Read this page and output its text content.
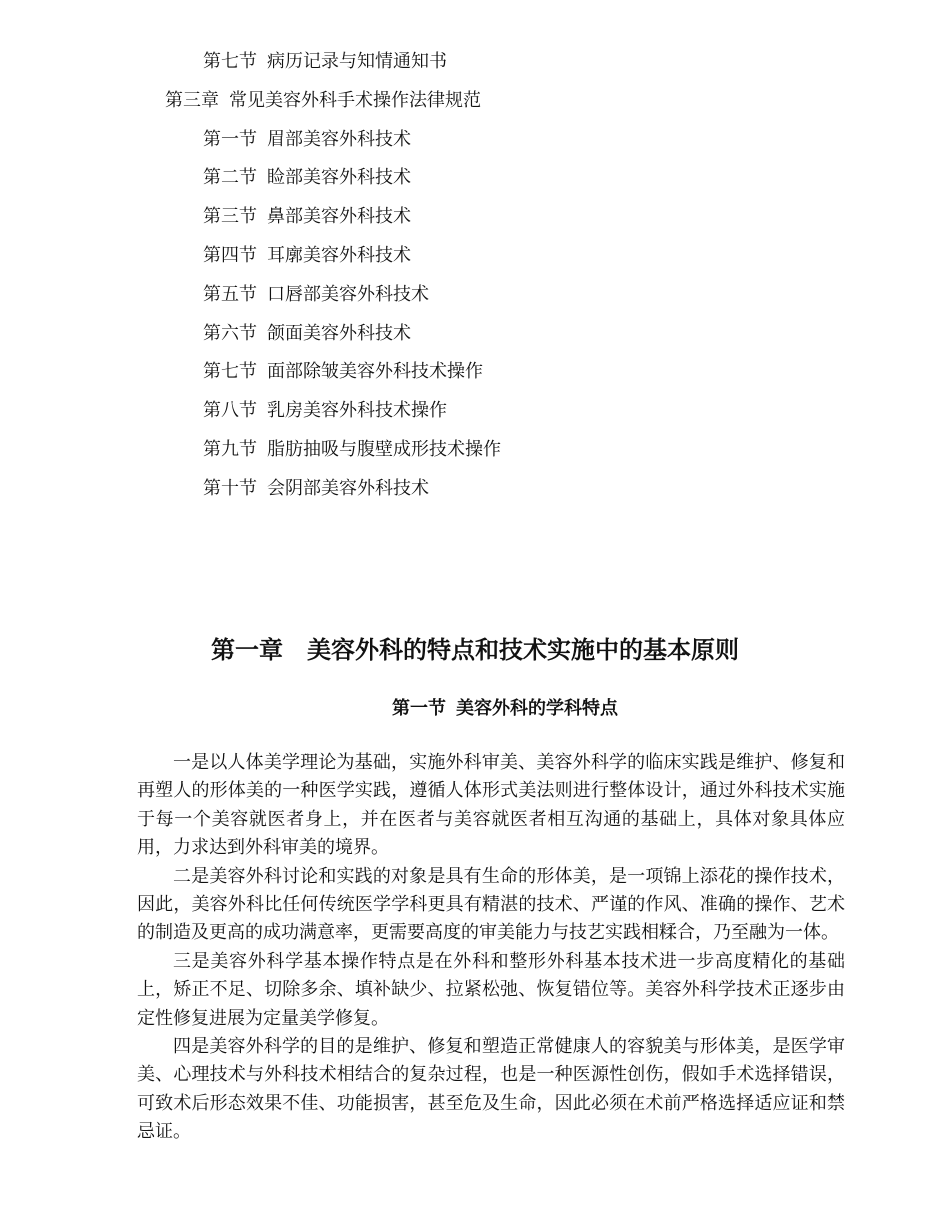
第七节 病历记录与知情通知书
第三章 常见美容外科手术操作法律规范
第一节 眉部美容外科技术
第二节 睑部美容外科技术
第三节 鼻部美容外科技术
第四节 耳廓美容外科技术
第五节 口唇部美容外科技术
第六节 颌面美容外科技术
第七节 面部除皱美容外科技术操作
第八节 乳房美容外科技术操作
第九节 脂肪抽吸与腹壁成形技术操作
第十节 会阴部美容外科技术
第一章 美容外科的特点和技术实施中的基本原则
第一节 美容外科的学科特点

一是以人体美学理论为基础，实施外科审美、美容外科学的临床实践是维护、修复和再塑人的形体美的一种医学实践，遵循人体形式美法则进行整体设计，通过外科技术实施于每一个美容就医者身上，并在医者与美容就医者相互沟通的基础上，具体对象具体应用，力求达到外科审美的境界。

二是美容外科讨论和实践的对象是具有生命的形体美，是一项锦上添花的操作技术，因此，美容外科比任何传统医学学科更具有精湛的技术、严谨的作风、准确的操作、艺术的制造及更高的成功满意率，更需要高度的审美能力与技艺实践相糅合，乃至融为一体。

三是美容外科学基本操作特点是在外科和整形外科基本技术进一步高度精化的基础上，矫正不足、切除多余、填补缺少、拉紧松弛、恢复错位等。美容外科学技术正逐步由定性修复进展为定量美学修复。

四是美容外科学的目的是维护、修复和塑造正常健康人的容貌美与形体美，是医学审美、心理技术与外科技术相结合的复杂过程，也是一种医源性创伤，假如手术选择错误，可致术后形态效果不佳、功能损害，甚至危及生命，因此必须在术前严格选择适应证和禁忌证。
